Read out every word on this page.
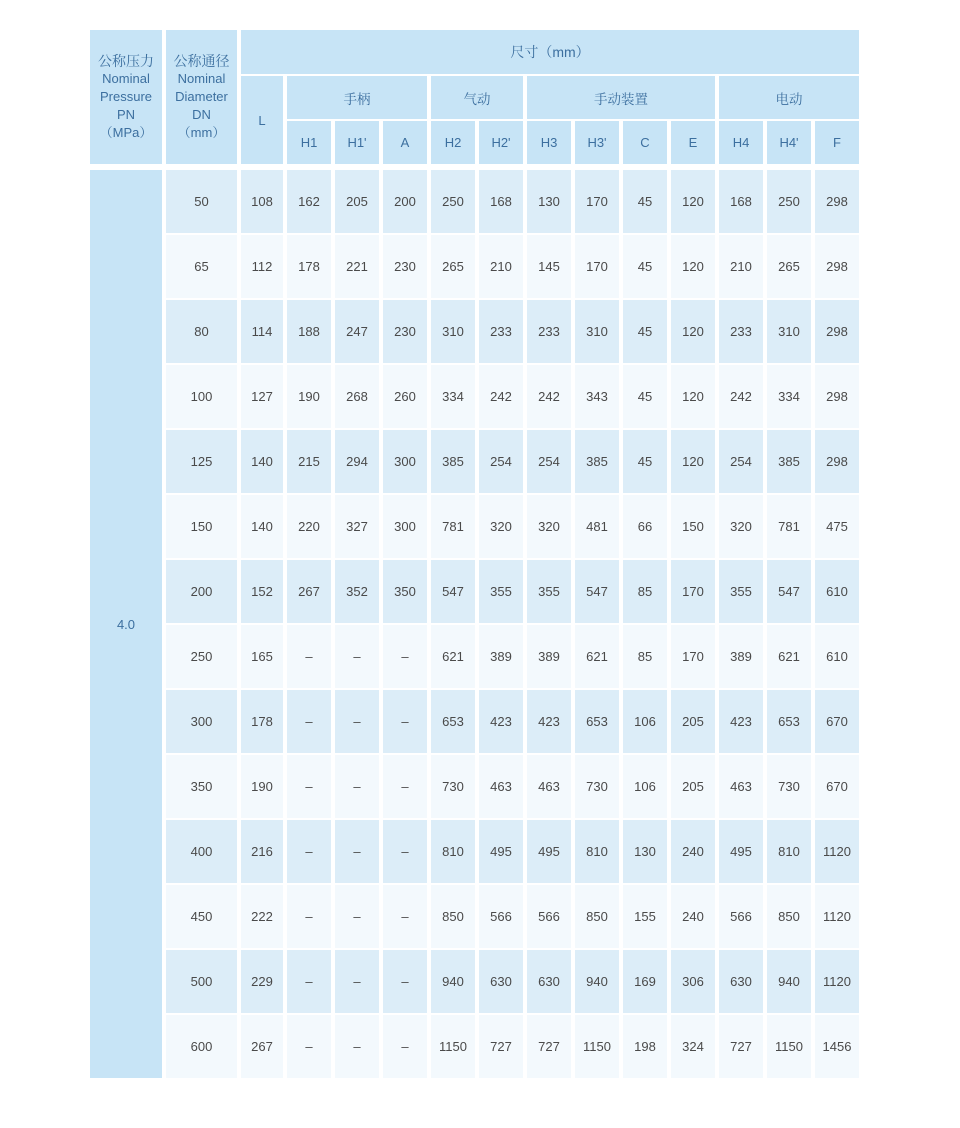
公称压力
Nominal
Pressure
PN
（MPa）

公称通径
Nominal
Diameter
DN
（mm）
	尺寸（mm）
		L	手柄			气动		手动装置				电动		
			H1	H1'	A	H2	H2'	H3	H3'	C	E	H4	H4'	F

4.0	50	108	162	205	200	250	168	130	170	45	120	168	250	298
	65	112	178	221	230	265	210	145	170	45	120	210	265	298
	80	114	188	247	230	310	233	233	310	45	120	233	310	298
	100	127	190	268	260	334	242	242	343	45	120	242	334	298
	125	140	215	294	300	385	254	254	385	45	120	254	385	298
	150	140	220	327	300	781	320	320	481	66	150	320	781	475
	200	152	267	352	350	547	355	355	547	85	170	355	547	610
	250	165	–	–	–	621	389	389	621	85	170	389	621	610
	300	178	–	–	–	653	423	423	653	106	205	423	653	670
	350	190	–	–	–	730	463	463	730	106	205	463	730	670
	400	216	–	–	–	810	495	495	810	130	240	495	810	1120
	450	222	–	–	–	850	566	566	850	155	240	566	850	1120
	500	229	–	–	–	940	630	630	940	169	306	630	940	1120
	600	267	–	–	–	1150	727	727	1150	198	324	727	1150	1456
